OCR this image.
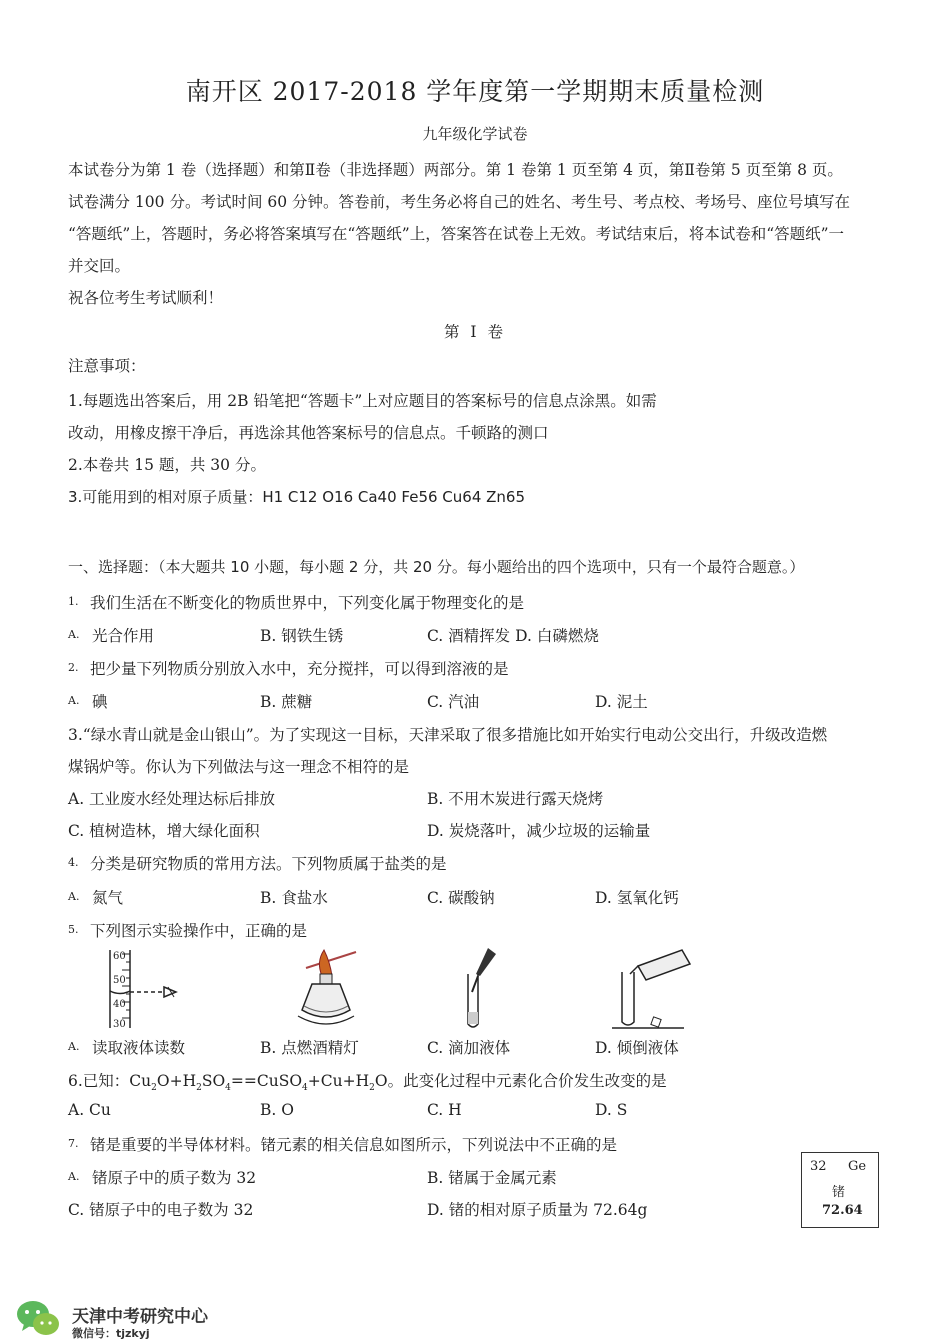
南开区 2017-2018 学年度第一学期期末质量检测
九年级化学试卷
本试卷分为第 1 卷（选择题）和第Ⅱ卷（非选择题）两部分。第 1 卷第 1 页至第 4 页，第Ⅱ卷第 5 页至第 8 页。
试卷满分 100 分。考试时间 60 分钟。答卷前，考生务必将自己的姓名、考生号、考点校、考场号、座位号填写在
“答题纸”上，答题时，务必将答案填写在“答题纸”上，答案答在试卷上无效。考试结束后，将本试卷和“答题纸”一
并交回。
祝各位考生考试顺利！
第 Ⅰ 卷
注意事项：
1.每题选出答案后，用 2B 铅笔把“答题卡”上对应题目的答案标号的信息点涂黑。如需
改动，用橡皮擦干净后，再选涂其他答案标号的信息点。千顿路的测口
2.本卷共 15 题，共 30 分。
3.可能用到的相对原子质量：H1 C12 O16 Ca40 Fe56 Cu64 Zn65
一、选择题：（本大题共 10 小题，每小题 2 分，共 20 分。每小题给出的四个选项中，只有一个最符合题意。）
1. 我们生活在不断变化的物质世界中，下列变化属于物理变化的是
A. 光合作用	B. 钢铁生锈	C. 酒精挥发 D. 白磷燃烧
2. 把少量下列物质分别放入水中，充分搅拌，可以得到溶液的是
A. 碘	B. 蔗糖	C. 汽油	D. 泥土
3.“绿水青山就是金山银山”。为了实现这一目标，天津采取了很多措施比如开始实行电动公交出行，升级改造燃
煤锅炉等。你认为下列做法与这一理念不相符的是
A. 工业废水经处理达标后排放	B. 不用木炭进行露天烧烤
C. 植树造林，增大绿化面积	D. 炭烧落叶，减少垃圾的运输量
4. 分类是研究物质的常用方法。下列物质属于盐类的是
A. 氮气	B. 食盐水	C. 碳酸钠	D. 氢氧化钙
5. 下列图示实验操作中，正确的是
60
50
40
30
A. 读取液体读数	B. 点燃酒精灯	C. 滴加液体	D. 倾倒液体
6.已知：$Cu_2O+H_2SO_4==CuSO_4+Cu+H_2O$。此变化过程中元素化合价发生改变的是
A. Cu	B. O	C. H	D. S
7. 锗是重要的半导体材料。锗元素的相关信息如图所示，下列说法中不正确的是
A. 锗原子中的质子数为 32	B. 锗属于金属元素
C. 锗原子中的电子数为 32	D. 锗的相对原子质量为 72.64g
32 Ge
锗
72.64
天津中考研究中心
微信号：tjzkyj
